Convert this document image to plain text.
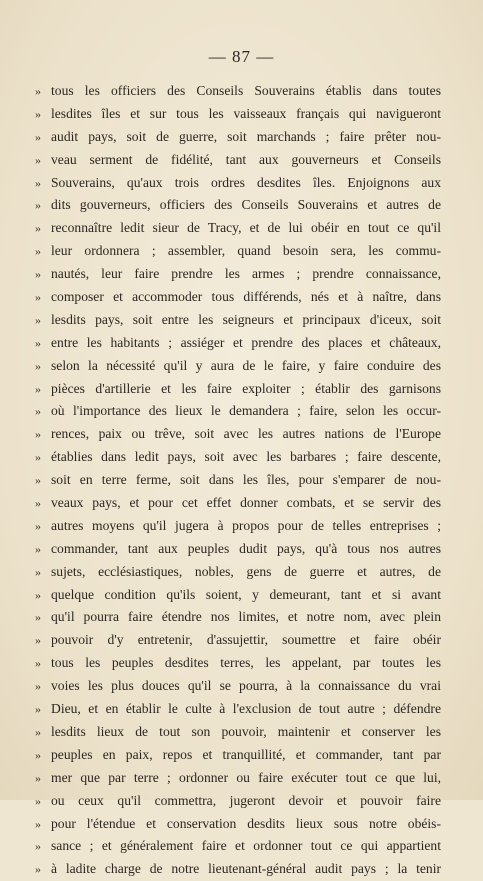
— 87 —
» tous les officiers des Conseils Souverains établis dans toutes
» lesdites îles et sur tous les vaisseaux français qui navigueront
» audit pays, soit de guerre, soit marchands ; faire prêter nou-
» veau serment de fidélité, tant aux gouverneurs et Conseils
» Souverains, qu'aux trois ordres desdites îles. Enjoignons aux
» dits gouverneurs, officiers des Conseils Souverains et autres de
» reconnaître ledit sieur de Tracy, et de lui obéir en tout ce qu'il
» leur ordonnera ; assembler, quand besoin sera, les commu-
» nautés, leur faire prendre les armes ; prendre connaissance,
» composer et accommoder tous différends, nés et à naître, dans
» lesdits pays, soit entre les seigneurs et principaux d'iceux, soit
» entre les habitants ; assiéger et prendre des places et châteaux,
» selon la nécessité qu'il y aura de le faire, y faire conduire des
» pièces d'artillerie et les faire exploiter ; établir des garnisons
» où l'importance des lieux le demandera ; faire, selon les occur-
» rences, paix ou trêve, soit avec les autres nations de l'Europe
» établies dans ledit pays, soit avec les barbares ; faire descente,
» soit en terre ferme, soit dans les îles, pour s'emparer de nou-
» veaux pays, et pour cet effet donner combats, et se servir des
» autres moyens qu'il jugera à propos pour de telles entreprises ;
» commander, tant aux peuples dudit pays, qu'à tous nos autres
» sujets, ecclésiastiques, nobles, gens de guerre et autres, de
» quelque condition qu'ils soient, y demeurant, tant et si avant
» qu'il pourra faire étendre nos limites, et notre nom, avec plein
» pouvoir d'y entretenir, d'assujettir, soumettre et faire obéir
» tous les peuples desdites terres, les appelant, par toutes les
» voies les plus douces qu'il se pourra, à la connaissance du vrai
» Dieu, et en établir le culte à l'exclusion de tout autre ; défendre
» lesdits lieux de tout son pouvoir, maintenir et conserver les
» peuples en paix, repos et tranquillité, et commander, tant par
» mer que par terre ; ordonner ou faire exécuter tout ce que lui,
» ou ceux qu'il commettra, jugeront devoir et pouvoir faire
» pour l'étendue et conservation desdits lieux sous notre obéis-
» sance ; et généralement faire et ordonner tout ce qui appartient
» à ladite charge de notre lieutenant-général audit pays ; la tenir
